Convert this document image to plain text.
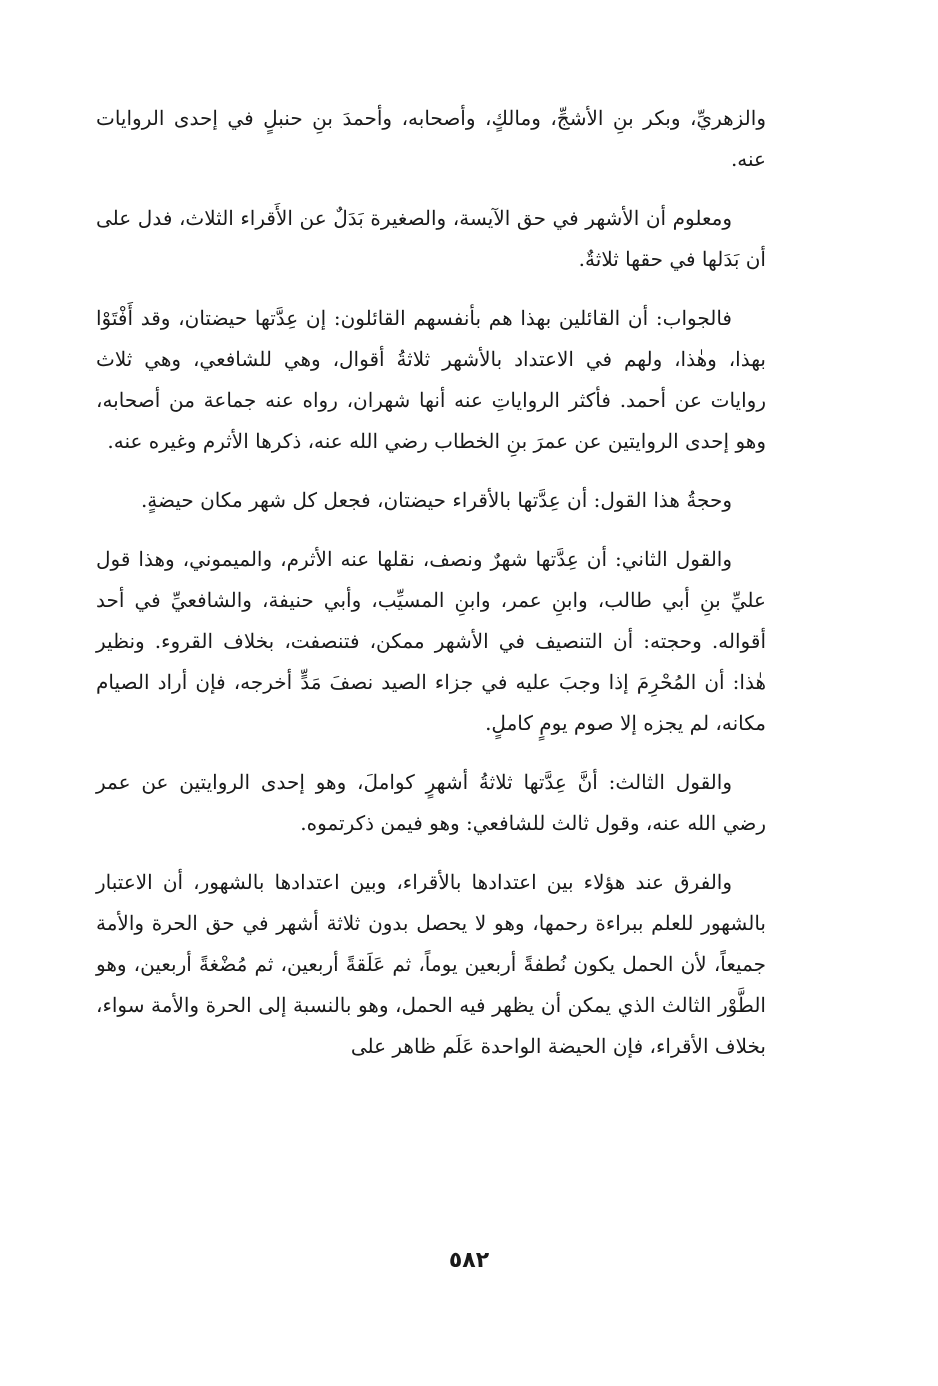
والزهريِّ، وبكر بنِ الأشجِّ، ومالكٍ، وأصحابه، وأحمدَ بنِ حنبلٍ في إحدى الروايات عنه.

ومعلوم أن الأشهر في حق الآيسة، والصغيرة بَدَلٌ عن الأَقراء الثلاث، فدل على أن بَدَلها في حقها ثلاثةٌ.

فالجواب: أن القائلين بهذا هم بأنفسهم القائلون: إن عِدَّتها حيضتان، وقد أَفْتَوْا بهذا، وهٰذا، ولهم في الاعتداد بالأشهر ثلاثةُ أقوال، وهي للشافعي، وهي ثلاث روايات عن أحمد. فأكثر الرواياتِ عنه أنها شهران، رواه عنه جماعة من أصحابه، وهو إحدى الروايتين عن عمرَ بنِ الخطاب رضي الله عنه، ذكرها الأثرم وغيره عنه.

وحجةُ هذا القول: أن عِدَّتها بالأقراء حيضتان، فجعل كل شهر مكان حيضةٍ.

والقول الثاني: أن عِدَّتها شهرٌ ونصف، نقلها عنه الأثرم، والميموني، وهذا قول عليِّ بنِ أبي طالب، وابنِ عمر، وابنِ المسيِّب، وأبي حنيفة، والشافعيِّ في أحد أقواله. وحجته: أن التنصيف في الأشهر ممكن، فتنصفت، بخلاف القروء. ونظير هٰذا: أن المُحْرِمَ إذا وجبَ عليه في جزاء الصيد نصفَ مَدٍّ أخرجه، فإن أراد الصيام مكانه، لم يجزه إلا صوم يومٍ كاملٍ.

والقول الثالث: أنَّ عِدَّتها ثلاثةُ أشهرٍ كواملَ، وهو إحدى الروايتين عن عمر رضي الله عنه، وقول ثالث للشافعي: وهو فيمن ذكرتموه.

والفرق عند هؤلاء بين اعتدادها بالأقراء، وبين اعتدادها بالشهور، أن الاعتبار بالشهور للعلم ببراءة رحمها، وهو لا يحصل بدون ثلاثة أشهر في حق الحرة والأمة جميعاً، لأن الحمل يكون نُطفةً أربعين يوماً، ثم عَلَقةً أربعين، ثم مُضْغةً أربعين، وهو الطَّوْر الثالث الذي يمكن أن يظهر فيه الحمل، وهو بالنسبة إلى الحرة والأمة سواء، بخلاف الأقراء، فإن الحيضة الواحدة عَلَم ظاهر على

٥٨٢
